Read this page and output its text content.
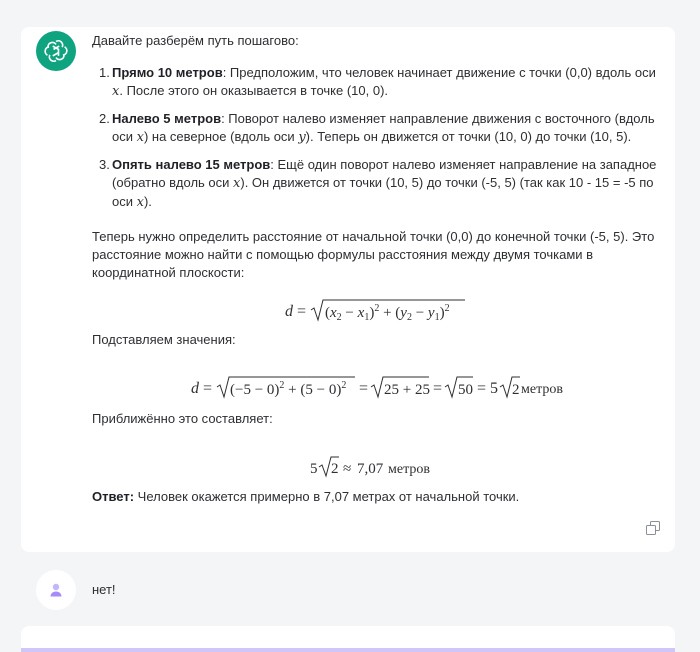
Давайте разберём путь пошагово:
1. Прямо 10 метров: Предположим, что человек начинает движение с точки (0,0) вдоль оси x. После этого он оказывается в точке (10, 0).
2. Налево 5 метров: Поворот налево изменяет направление движения с восточного (вдоль оси x) на северное (вдоль оси y). Теперь он движется от точки (10, 0) до точки (10, 5).
3. Опять налево 15 метров: Ещё один поворот налево изменяет направление на западное (обратно вдоль оси x). Он движется от точки (10, 5) до точки (-5, 5) (так как 10 - 15 = -5 по оси x).
Теперь нужно определить расстояние от начальной точки (0,0) до конечной точки (-5, 5). Это расстояние можно найти с помощью формулы расстояния между двумя точками в координатной плоскости:
$d = (x_2 - x_1)^2 + (y_2 - y_1)^2$
Подставляем значения:
$d = (-5 - 0)^2 + (5 - 0)^2 = 25 + 25 = 50 = 5$ 2 метров
Приближённо это составляет:
5 2 ≈ 7,07 метров
Ответ: Человек окажется примерно в 7,07 метрах от начальной точки.
нет!
